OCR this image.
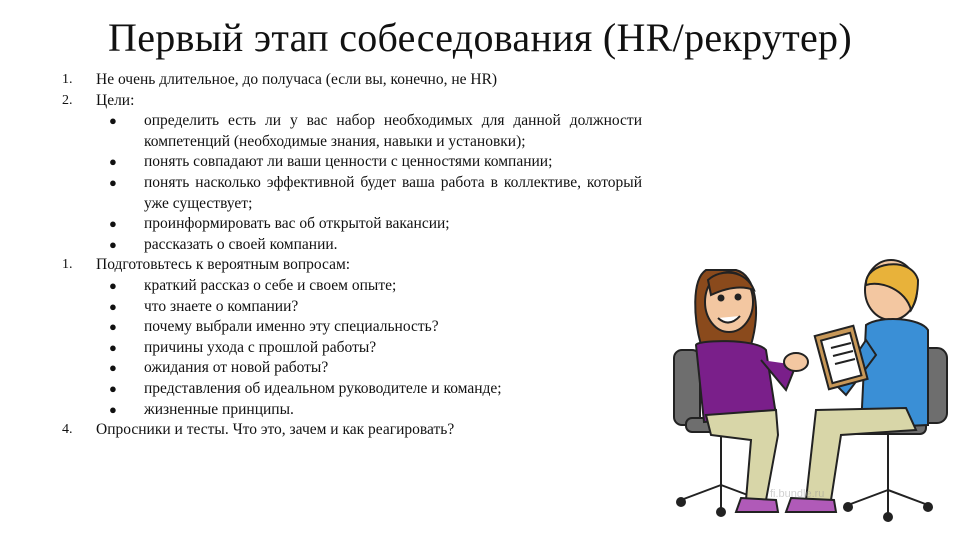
Первый этап собеседования (HR/рекрутер)
1. Не очень длительное, до получаса (если вы, конечно, не HR)
2. Цели:
● определить есть ли у вас набор необходимых для данной должности компетенций (необходимые знания, навыки и установки);
● понять совпадают ли ваши ценности с ценностями компании;
● понять насколько эффективной будет ваша работа в коллективе, который уже существует;
● проинформировать вас об открытой вакансии;
● рассказать о своей компании.
1. Подготовьтесь к вероятным вопросам:
● краткий рассказ о себе и своем опыте;
● что знаете о компании?
● почему выбрали именно эту специальность?
● причины ухода с прошлой работы?
● ожидания от новой работы?
● представления об идеальном руководителе и команде;
● жизненные принципы.
4. Опросники и тесты. Что это, зачем и как реагировать?
fi.bundle.ru
